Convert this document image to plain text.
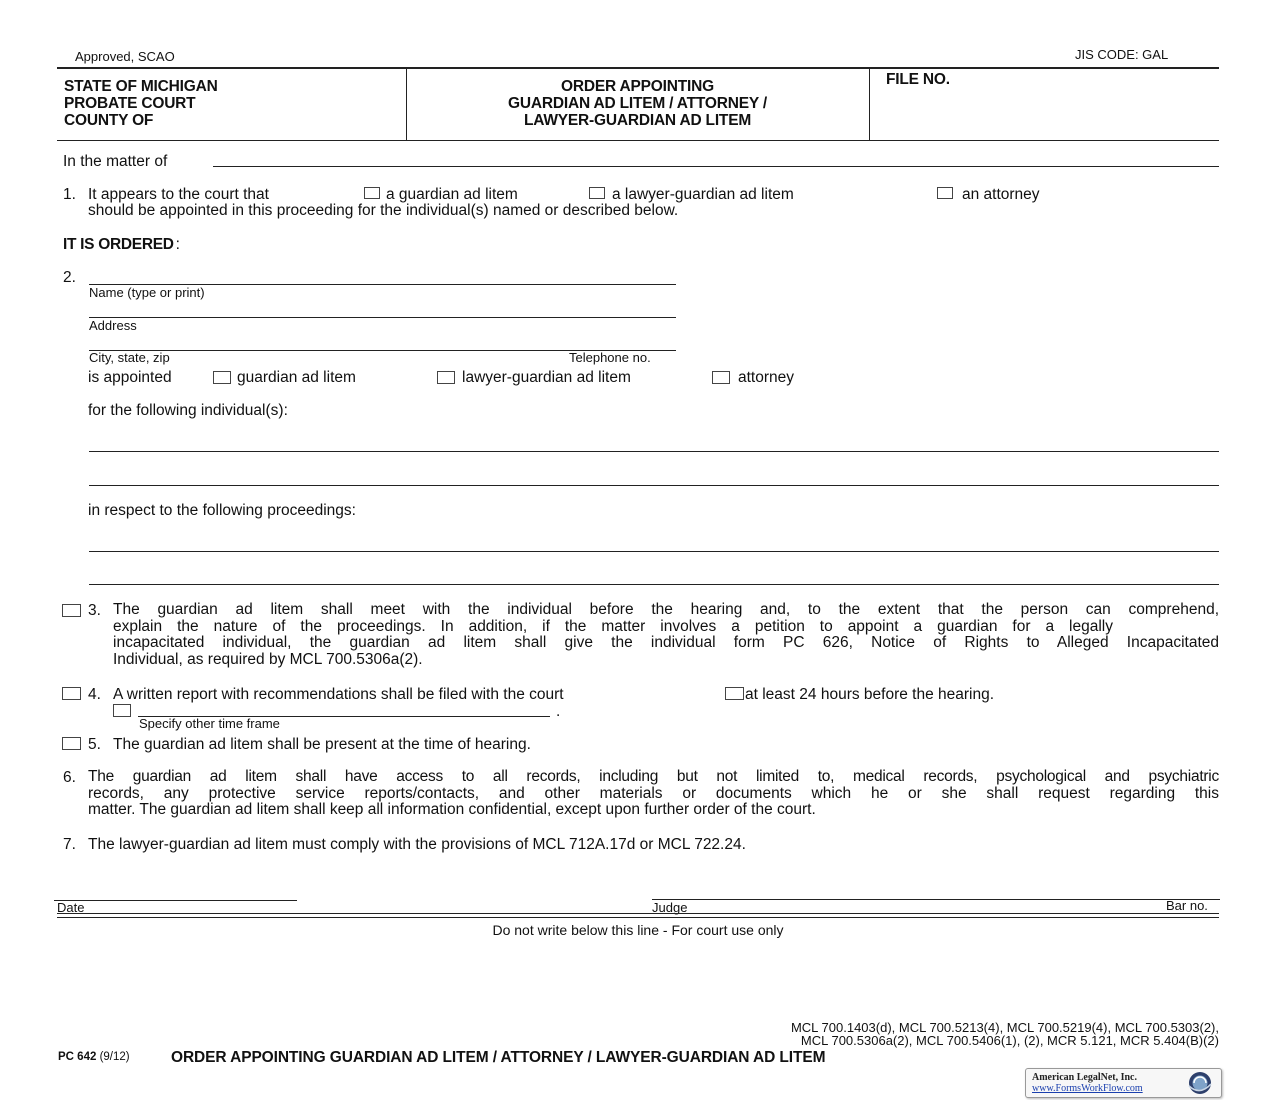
Approved, SCAO	JIS CODE: GAL
STATE OF MICHIGAN
PROBATE COURT
COUNTY OF
ORDER APPOINTING
GUARDIAN AD LITEM / ATTORNEY /
LAWYER-GUARDIAN AD LITEM
FILE NO.
In the matter of
1. It appears to the court that	a guardian ad litem	a lawyer-guardian ad litem	an attorney
should be appointed in this proceeding for the individual(s) named or described below.
IT IS ORDERED :
2.
Name (type or print)
Address
City, state, zip	Telephone no.
is appointed	guardian ad litem	lawyer-guardian ad litem	attorney
for the following individual(s):
in respect to the following proceedings:
3. The guardian ad litem shall meet with the individual before the hearing and, to the extent that the person can comprehend,
explain the nature of the proceedings. In addition, if the matter involves a petition to appoint a guardian for a legally
incapacitated individual, the guardian ad litem shall give the individual form PC 626, Notice of Rights to Alleged Incapacitated
Individual, as required by MCL 700.5306a(2).
4. A written report with recommendations shall be filed with the court	at least 24 hours before the hearing.
.
Specify other time frame
5. The guardian ad litem shall be present at the time of hearing.
6. The guardian ad litem shall have access to all records, including but not limited to, medical records, psychological and psychiatric
records, any protective service reports/contacts, and other materials or documents which he or she shall request regarding this
matter. The guardian ad litem shall keep all information confidential, except upon further order of the court.
7. The lawyer-guardian ad litem must comply with the provisions of MCL 712A.17d or MCL 722.24.
Date	Judge	Bar no.
Do not write below this line - For court use only
MCL 700.1403(d), MCL 700.5213(4), MCL 700.5219(4), MCL 700.5303(2),
MCL 700.5306a(2), MCL 700.5406(1), (2), MCR 5.121, MCR 5.404(B)(2)
PC 642 (9/12)	ORDER APPOINTING GUARDIAN AD LITEM / ATTORNEY / LAWYER-GUARDIAN AD LITEM
American LegalNet, Inc.
www.FormsWorkFlow.com
